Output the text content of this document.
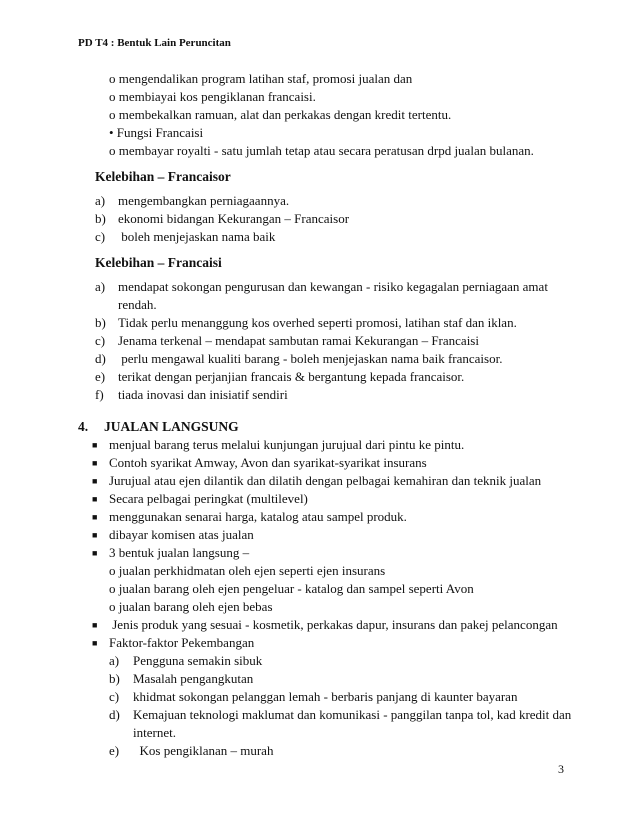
PD T4 : Bentuk Lain Peruncitan
o mengendalikan program latihan staf, promosi jualan dan
o membiayai kos pengiklanan francaisi.
o membekalkan ramuan, alat dan perkakas dengan kredit tertentu.
• Fungsi Francaisi
o membayar royalti - satu jumlah tetap atau secara peratusan drpd jualan bulanan.
Kelebihan – Francaisor
a) mengembangkan perniagaannya.
b) ekonomi bidangan Kekurangan – Francaisor
c) boleh menjejaskan nama baik
Kelebihan – Francaisi
a) mendapat sokongan pengurusan dan kewangan - risiko kegagalan perniagaan amat
rendah.
b) Tidak perlu menanggung kos overhed seperti promosi, latihan staf dan iklan.
c) Jenama terkenal – mendapat sambutan ramai Kekurangan – Francaisi
d) perlu mengawal kualiti barang - boleh menjejaskan nama baik francaisor.
e) terikat dengan perjanjian francais & bergantung kepada francaisor.
f)	tiada inovasi dan inisiatif sendiri
4.	JUALAN LANGSUNG
■ menjual barang terus melalui kunjungan jurujual dari pintu ke pintu.
■ Contoh syarikat Amway, Avon dan syarikat-syarikat insurans
■ Jurujual atau ejen dilantik dan dilatih dengan pelbagai kemahiran dan teknik jualan
■ Secara pelbagai peringkat (multilevel)
■ menggunakan senarai harga, katalog atau sampel produk.
■ dibayar komisen atas jualan
■ 3 bentuk jualan langsung –
o jualan perkhidmatan oleh ejen seperti ejen insurans
o jualan barang oleh ejen pengeluar - katalog dan sampel seperti Avon
o jualan barang oleh ejen bebas
■ Jenis produk yang sesuai - kosmetik, perkakas dapur, insurans dan pakej pelancongan
■ Faktor-faktor Pekembangan
a)	Pengguna semakin sibuk
b)	Masalah pengangkutan
c)	khidmat sokongan pelanggan lemah - berbaris panjang di kaunter bayaran
d)	Kemajuan teknologi maklumat dan komunikasi - panggilan tanpa tol, kad kredit dan
internet.
e)	Kos pengiklanan – murah
3
